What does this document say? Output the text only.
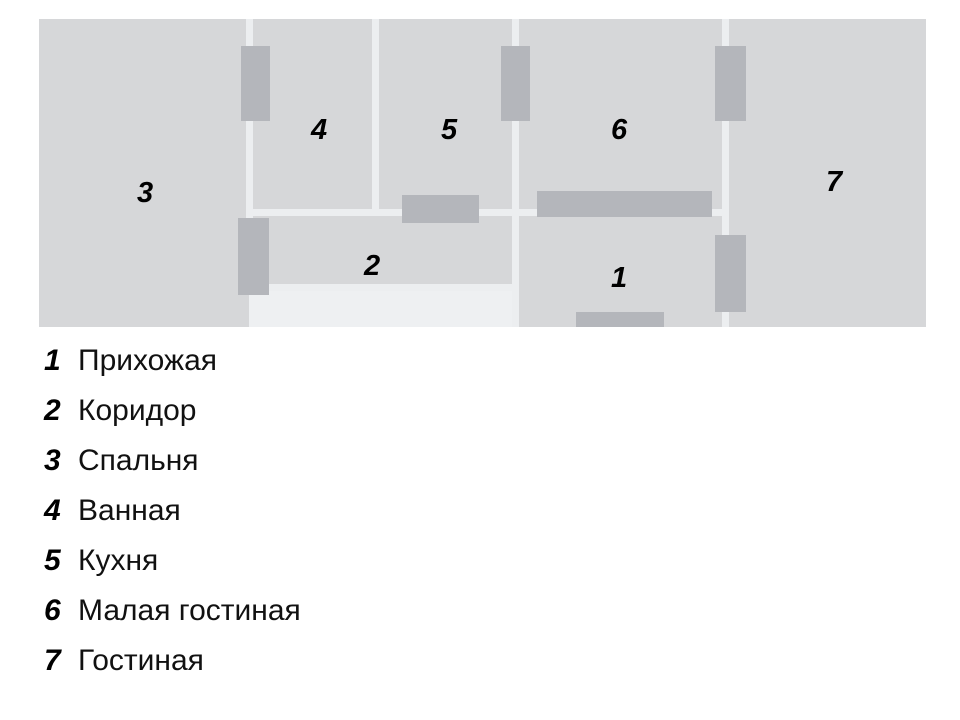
3
4	5	6
7
2	1
1 Прихожая
2 Коридор
3 Спальня
4 Ванная
5 Кухня
6 Малая гостиная
7 Гостиная
